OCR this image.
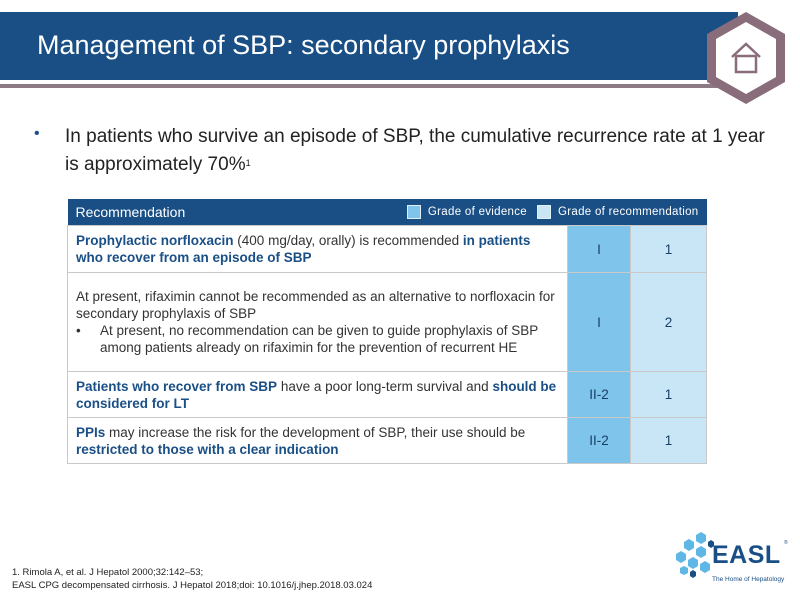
Management of SBP: secondary prophylaxis
• In patients who survive an episode of SBP, the cumulative recurrence rate at 1 year is approximately 70%$^1$
Recommendation Grade of evidence Grade of recommendation		

Prophylactic norfloxacin (400 mg/day, orally) is recommended in patients who recover from an episode of SBP	I	1

At present, rifaximin cannot be recommended as an alternative to norfloxacin for secondary prophylaxis of SBP
• At present, no recommendation can be given to guide prophylaxis of SBP among patients already on rifaximin for the prevention of recurrent HE	I	2
Patients who recover from SBP have a poor long-term survival and should be considered for LT	II-2	1
PPIs may increase the risk for the development of SBP, their use should be restricted to those with a clear indication	II-2	1
1. Rimola A, et al. J Hepatol 2000;32:142–53;
EASL CPG decompensated cirrhosis. J Hepatol 2018;doi: 10.1016/j.jhep.2018.03.024
EASL ®
The Home of Hepatology
